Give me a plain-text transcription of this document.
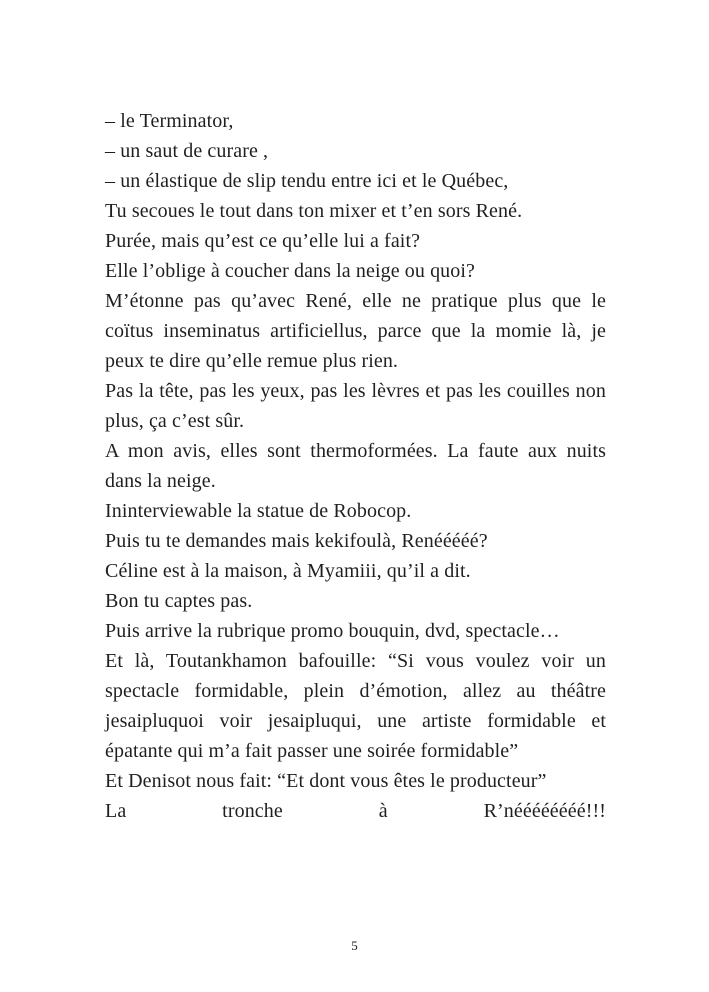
– le Terminator,

– un saut de curare ,

– un élastique de slip tendu entre ici et le Québec,

Tu secoues le tout dans ton mixer et t’en sors René.

Purée, mais qu’est ce qu’elle lui a fait?

Elle l’oblige à coucher dans la neige ou quoi?

M’étonne pas qu’avec René, elle ne pratique plus que le coïtus inseminatus artificiellus, parce que la momie là, je peux te dire qu’elle remue plus rien.

Pas la tête, pas les yeux, pas les lèvres et pas les couilles non plus, ça c’est sûr.

A mon avis, elles sont thermoformées. La faute aux nuits dans la neige.

Ininterviewable la statue de Robocop.

Puis tu te demandes mais kekifoulà, Renééééé?

Céline est à la maison, à Myamiii, qu’il a dit.

Bon tu captes pas.

Puis arrive la rubrique promo bouquin, dvd, spectacle…

Et là, Toutankhamon bafouille: “Si vous voulez voir un spectacle formidable, plein d’émotion, allez au théâtre jesaipluquoi voir jesaipluqui, une artiste formidable et épatante qui m’a fait passer une soirée formidable”

Et Denisot nous fait: “Et dont vous êtes le producteur”

La tronche à R’néééééééé!!!

5
